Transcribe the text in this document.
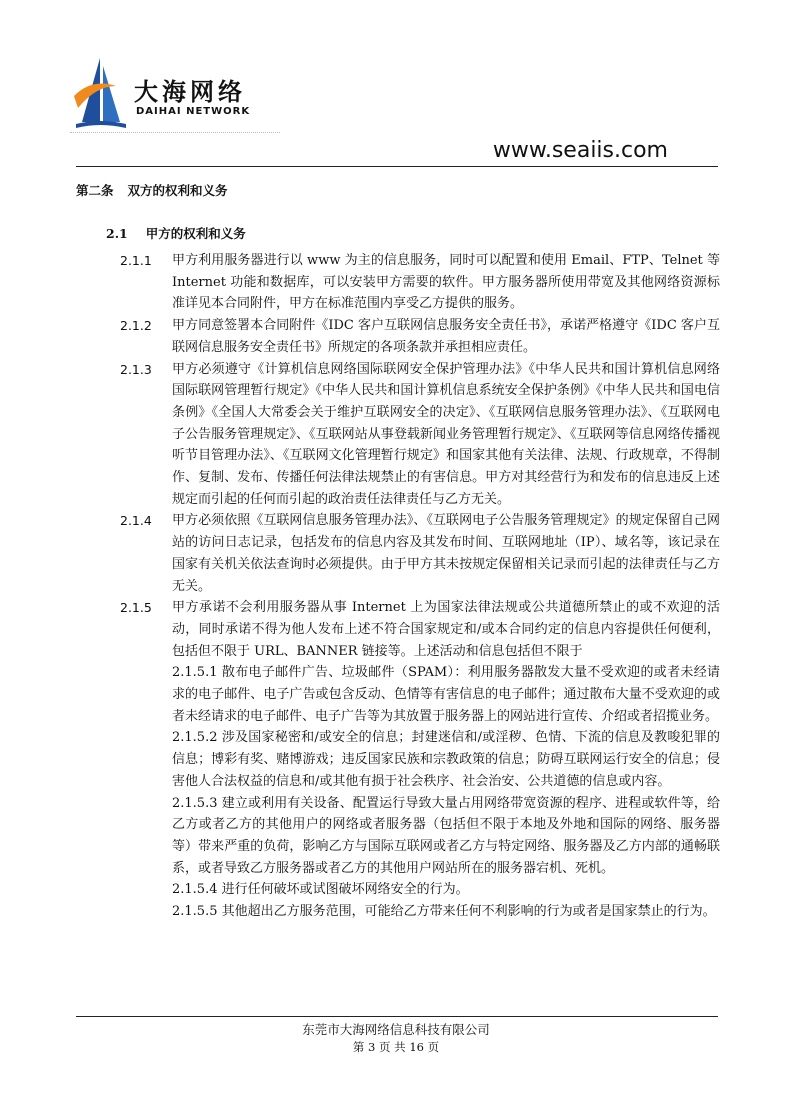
大海网络
DAIHAI NETWORK
www.seaiis.com
第二条 双方的权利和义务
2.1 甲方的权利和义务
2.1.1	甲方利用服务器进行以 www 为主的信息服务，同时可以配置和使用 Email、FTP、Telnet 等 Internet 功能和数据库，可以安装甲方需要的软件。甲方服务器所使用带宽及其他网络资源标准详见本合同附件，甲方在标准范围内享受乙方提供的服务。
2.1.2	甲方同意签署本合同附件《IDC 客户互联网信息服务安全责任书》，承诺严格遵守《IDC 客户互联网信息服务安全责任书》所规定的各项条款并承担相应责任。
2.1.3	甲方必须遵守《计算机信息网络国际联网安全保护管理办法》《中华人民共和国计算机信息网络国际联网管理暂行规定》《中华人民共和国计算机信息系统安全保护条例》《中华人民共和国电信条例》《全国人大常委会关于维护互联网安全的决定》、《互联网信息服务管理办法》、《互联网电子公告服务管理规定》、《互联网站从事登载新闻业务管理暂行规定》、《互联网等信息网络传播视听节目管理办法》、《互联网文化管理暂行规定》和国家其他有关法律、法规、行政规章，不得制作、复制、发布、传播任何法律法规禁止的有害信息。甲方对其经营行为和发布的信息违反上述规定而引起的任何而引起的政治责任法律责任与乙方无关。
2.1.4	甲方必须依照《互联网信息服务管理办法》、《互联网电子公告服务管理规定》的规定保留自己网站的访问日志记录，包括发布的信息内容及其发布时间、互联网地址（IP）、域名等，该记录在国家有关机关依法查询时必须提供。由于甲方其未按规定保留相关记录而引起的法律责任与乙方无关。
2.1.5	甲方承诺不会利用服务器从事 Internet 上为国家法律法规或公共道德所禁止的或不欢迎的活动，同时承诺不得为他人发布上述不符合国家规定和/或本合同约定的信息内容提供任何便利，包括但不限于 URL、BANNER 链接等。上述活动和信息包括但不限于
2.1.5.1 散布电子邮件广告、垃圾邮件（SPAM）：利用服务器散发大量不受欢迎的或者未经请求的电子邮件、电子广告或包含反动、色情等有害信息的电子邮件；通过散布大量不受欢迎的或者未经请求的电子邮件、电子广告等为其放置于服务器上的网站进行宣传、介绍或者招揽业务。
2.1.5.2 涉及国家秘密和/或安全的信息；封建迷信和/或淫秽、色情、下流的信息及教唆犯罪的信息；博彩有奖、赌博游戏；违反国家民族和宗教政策的信息；防碍互联网运行安全的信息；侵害他人合法权益的信息和/或其他有损于社会秩序、社会治安、公共道德的信息或内容。
2.1.5.3 建立或利用有关设备、配置运行导致大量占用网络带宽资源的程序、进程或软件等，给乙方或者乙方的其他用户的网络或者服务器（包括但不限于本地及外地和国际的网络、服务器等）带来严重的负荷，影响乙方与国际互联网或者乙方与特定网络、服务器及乙方内部的通畅联系，或者导致乙方服务器或者乙方的其他用户网站所在的服务器宕机、死机。
2.1.5.4 进行任何破坏或试图破坏网络安全的行为。
2.1.5.5 其他超出乙方服务范围，可能给乙方带来任何不利影响的行为或者是国家禁止的行为。
东莞市大海网络信息科技有限公司
第 3 页 共 16 页
